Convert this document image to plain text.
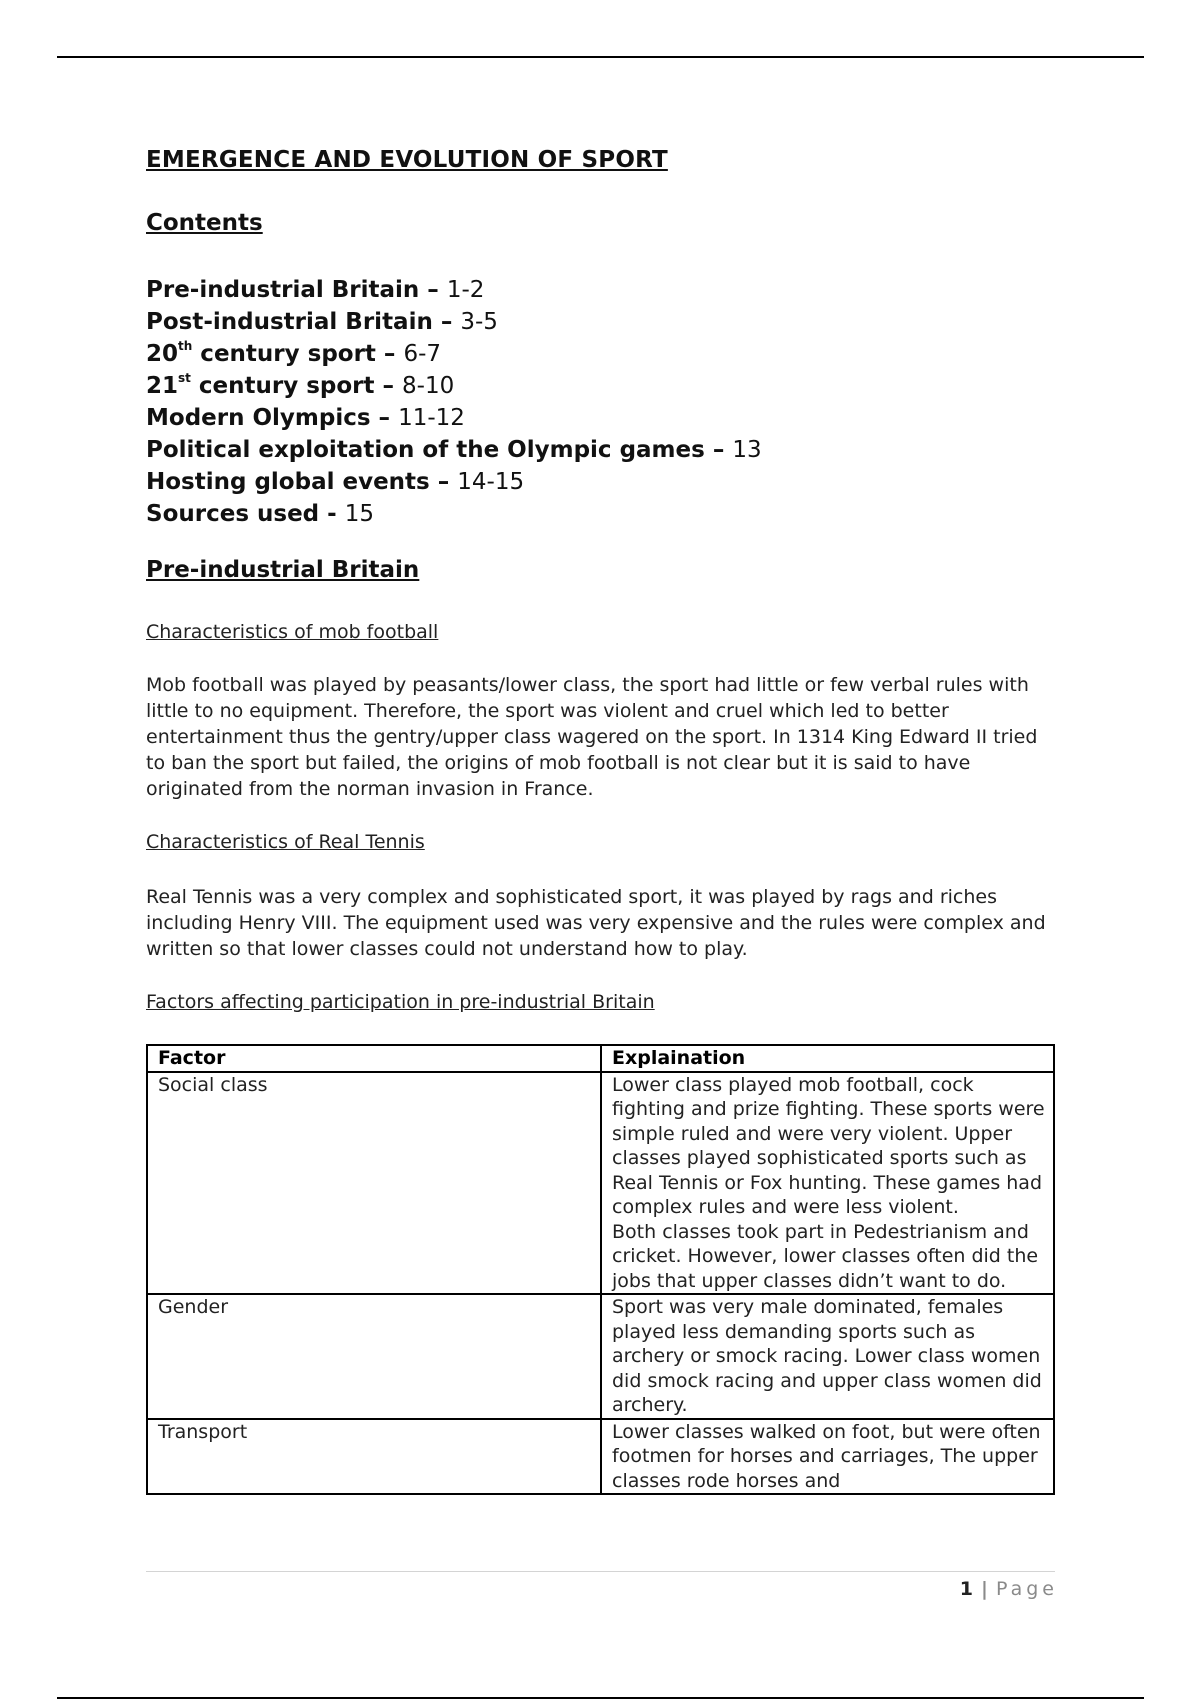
EMERGENCE AND EVOLUTION OF SPORT
Contents
Pre-industrial Britain – 1-2
Post-industrial Britain – 3-5
20th century sport – 6-7
21st century sport – 8-10
Modern Olympics – 11-12
Political exploitation of the Olympic games – 13
Hosting global events – 14-15
Sources used - 15
Pre-industrial Britain
Characteristics of mob football

Mob football was played by peasants/lower class, the sport had little or few verbal rules with little to no equipment. Therefore, the sport was violent and cruel which led to better entertainment thus the gentry/upper class wagered on the sport. In 1314 King Edward II tried to ban the sport but failed, the origins of mob football is not clear but it is said to have originated from the norman invasion in France.

Characteristics of Real Tennis

Real Tennis was a very complex and sophisticated sport, it was played by rags and riches including Henry VIII. The equipment used was very expensive and the rules were complex and written so that lower classes could not understand how to play.

Factors affecting participation in pre-industrial Britain
Factor	Explaination
Social class	Lower class played mob football, cock fighting and prize fighting. These sports were simple ruled and were very violent. Upper classes played sophisticated sports such as Real Tennis or Fox hunting. These games had complex rules and were less violent.
Both classes took part in Pedestrianism and cricket. However, lower classes often did the jobs that upper classes didn’t want to do.

Gender	Sport was very male dominated, females played less demanding sports such as archery or smock racing. Lower class women did smock racing and upper class women did archery.
Transport	Lower classes walked on foot, but were often footmen for horses and carriages, The upper classes rode horses and
1 | Page
